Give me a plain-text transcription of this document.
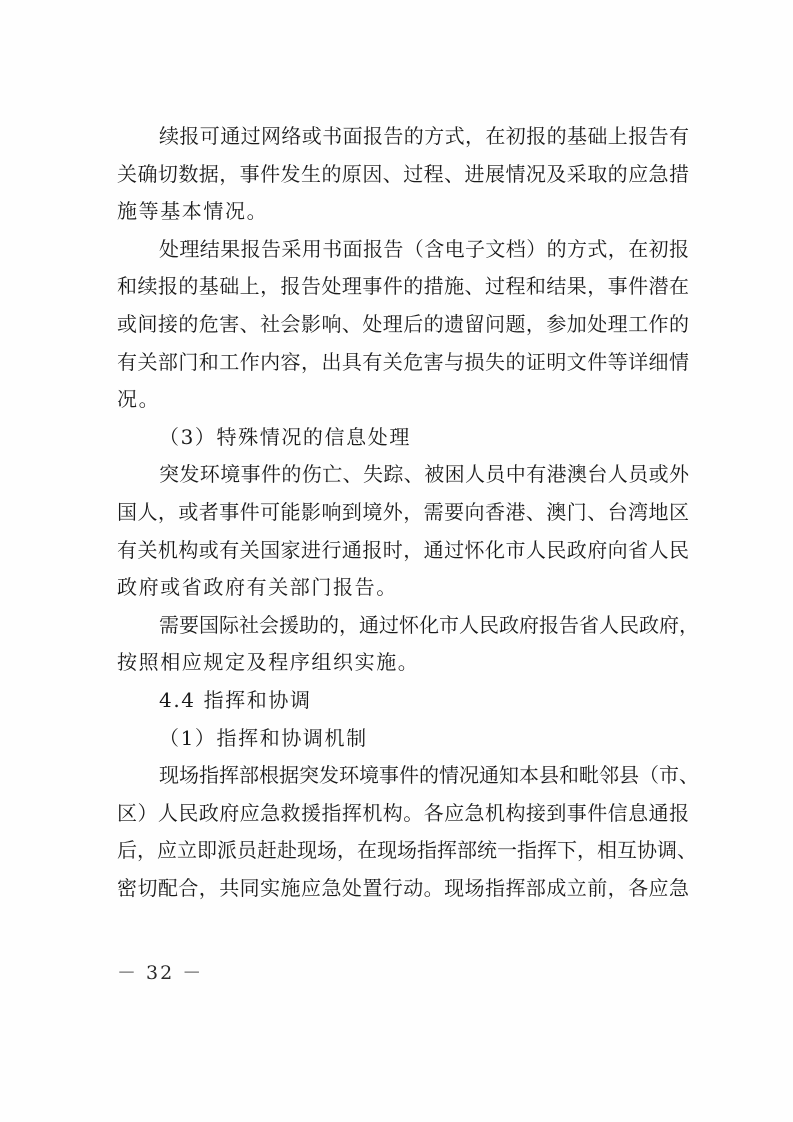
续报可通过网络或书面报告的方式，在初报的基础上报告有
关确切数据，事件发生的原因、过程、进展情况及采取的应急措
施等基本情况。
处理结果报告采用书面报告（含电子文档）的方式，在初报
和续报的基础上，报告处理事件的措施、过程和结果，事件潜在
或间接的危害、社会影响、处理后的遗留问题，参加处理工作的
有关部门和工作内容，出具有关危害与损失的证明文件等详细情
况。
（3）特殊情况的信息处理
突发环境事件的伤亡、失踪、被困人员中有港澳台人员或外
国人，或者事件可能影响到境外，需要向香港、澳门、台湾地区
有关机构或有关国家进行通报时，通过怀化市人民政府向省人民
政府或省政府有关部门报告。
需要国际社会援助的，通过怀化市人民政府报告省人民政府，
按照相应规定及程序组织实施。
4.4 指挥和协调
（1）指挥和协调机制
现场指挥部根据突发环境事件的情况通知本县和毗邻县（市、
区）人民政府应急救援指挥机构。各应急机构接到事件信息通报
后，应立即派员赶赴现场，在现场指挥部统一指挥下，相互协调、
密切配合，共同实施应急处置行动。现场指挥部成立前，各应急
－ 32 －
